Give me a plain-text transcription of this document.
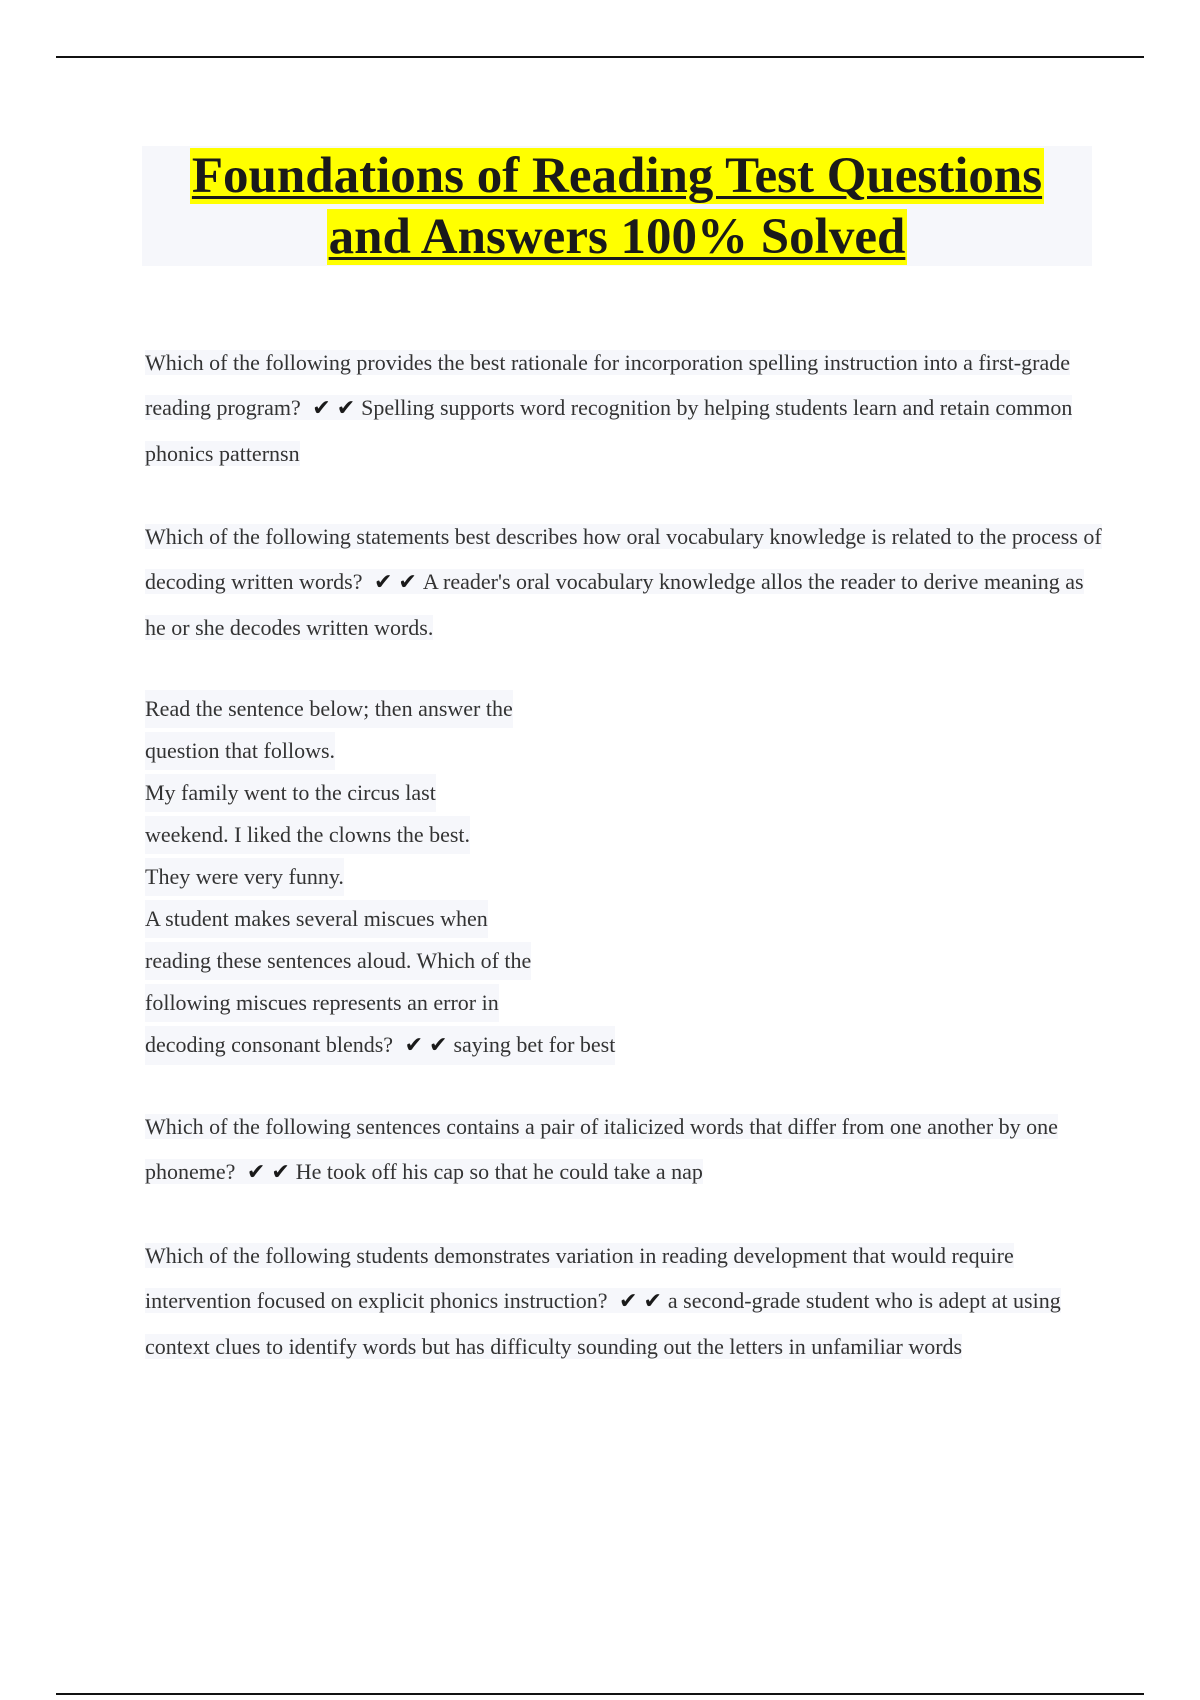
Foundations of Reading Test Questions
and Answers 100% Solved

Which of the following provides the best rationale for incorporation spelling instruction into a first-grade reading program? ✔✔Spelling supports word recognition by helping students learn and retain common phonics patternsn

Which of the following statements best describes how oral vocabulary knowledge is related to the process of decoding written words? ✔✔A reader's oral vocabulary knowledge allos the reader to derive meaning as he or she decodes written words.

Read the sentence below; then answer the
question that follows.
My family went to the circus last
weekend. I liked the clowns the best.
They were very funny.
A student makes several miscues when
reading these sentences aloud. Which of the
following miscues represents an error in
decoding consonant blends? ✔✔saying bet for best

Which of the following sentences contains a pair of italicized words that differ from one another by one phoneme? ✔✔He took off his cap so that he could take a nap

Which of the following students demonstrates variation in reading development that would require intervention focused on explicit phonics instruction? ✔✔a second-grade student who is adept at using context clues to identify words but has difficulty sounding out the letters in unfamiliar words
